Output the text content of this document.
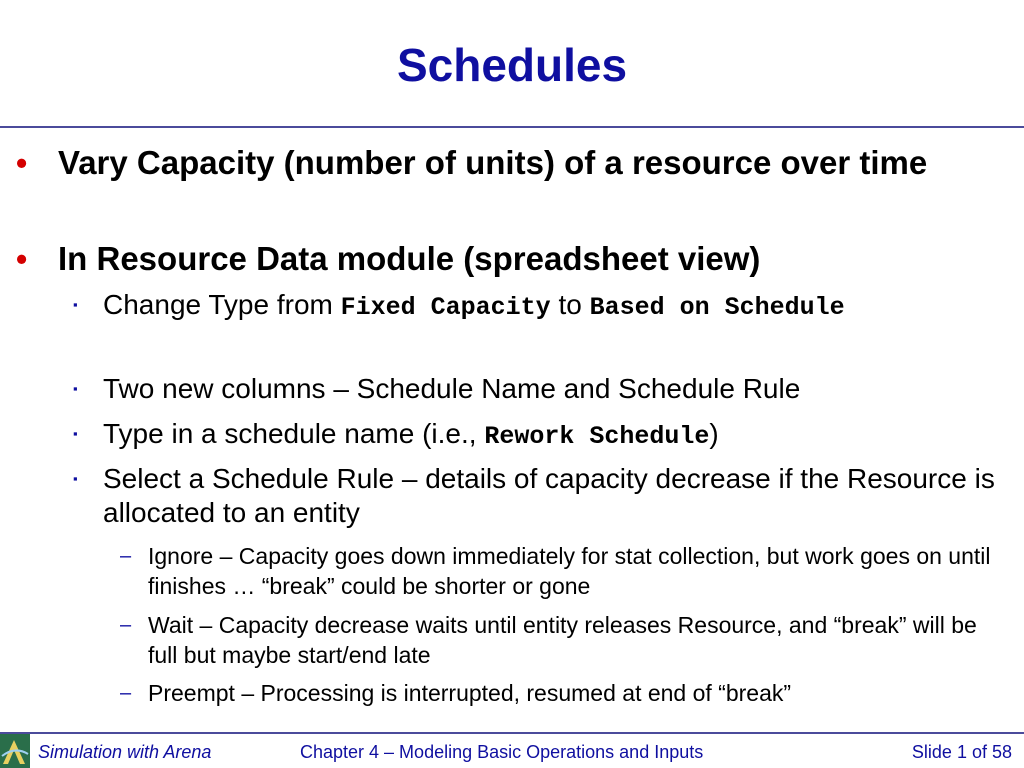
Schedules
• Vary Capacity (number of units) of a resource over time
• In Resource Data module (spreadsheet view)
▪ Change Type from Fixed Capacity to Based on Schedule
▪ Two new columns – Schedule Name and Schedule Rule
▪ Type in a schedule name (i.e., Rework Schedule)
▪ Select a Schedule Rule – details of capacity decrease if the Resource is allocated to an entity
– Ignore – Capacity goes down immediately for stat collection, but work goes on until finishes … “break” could be shorter or gone
– Wait – Capacity decrease waits until entity releases Resource, and “break” will be full but maybe start/end late
– Preempt – Processing is interrupted, resumed at end of “break”
Simulation with Arena	Chapter 4 – Modeling Basic Operations and Inputs	Slide 1 of 58
